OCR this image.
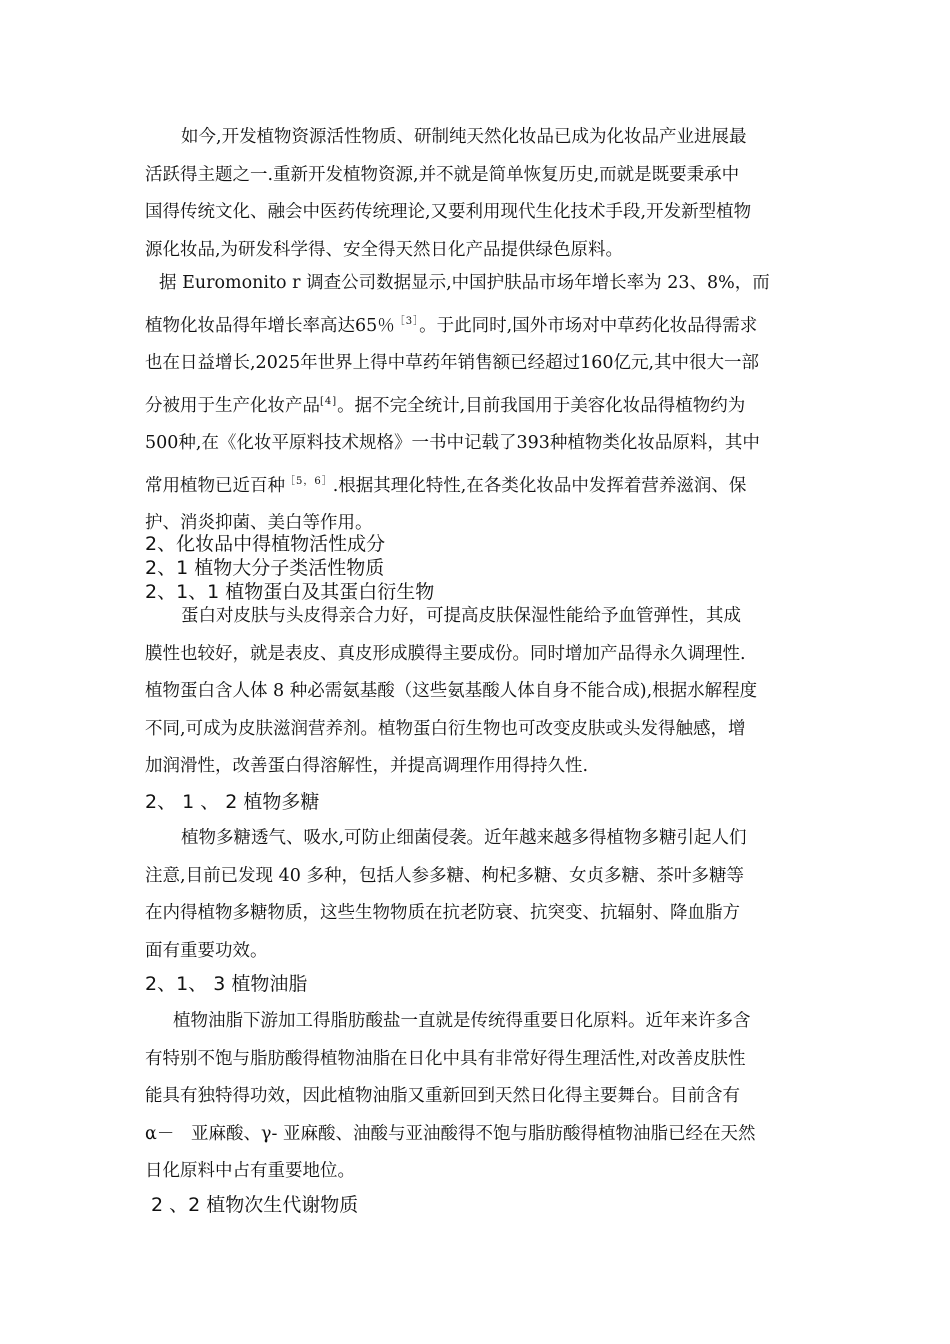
如今,开发植物资源活性物质、研制纯天然化妆品已成为化妆品产业进展最
活跃得主题之一.重新开发植物资源,并不就是简单恢复历史,而就是既要秉承中
国得传统文化、融会中医药传统理论,又要利用现代生化技术手段,开发新型植物
源化妆品,为研发科学得、安全得天然日化产品提供绿色原料。
据 Euromonito r 调查公司数据显示,中国护肤品市场年增长率为 23、8%，而
植物化妆品得年增长率高达65％$^{[3]}$。于此同时,国外市场对中草药化妆品得需求
也在日益增长,2025年世界上得中草药年销售额已经超过160亿元,其中很大一部
分被用于生产化妆产品[4]。据不完全统计,目前我国用于美容化妆品得植物约为
500种,在《化妆平原料技术规格》一书中记载了393种植物类化妆品原料，其中
常用植物已近百种$^{[5,6]}$.根据其理化特性,在各类化妆品中发挥着营养滋润、保
护、消炎抑菌、美白等作用。
2、化妆品中得植物活性成分
2、1 植物大分子类活性物质
2、1、1 植物蛋白及其蛋白衍生物
蛋白对皮肤与头皮得亲合力好，可提高皮肤保湿性能给予血管弹性，其成
膜性也较好，就是表皮、真皮形成膜得主要成份。同时增加产品得永久调理性.
植物蛋白含人体 8 种必需氨基酸（这些氨基酸人体自身不能合成),根据水解程度
不同,可成为皮肤滋润营养剂。植物蛋白衍生物也可改变皮肤或头发得触感，增
加润滑性，改善蛋白得溶解性，并提高调理作用得持久性.
2、 1 、 2 植物多糖
植物多糖透气、吸水,可防止细菌侵袭。近年越来越多得植物多糖引起人们
注意,目前已发现 40 多种，包括人参多糖、枸杞多糖、女贞多糖、茶叶多糖等
在内得植物多糖物质，这些生物物质在抗老防衰、抗突变、抗辐射、降血脂方
面有重要功效。
2、1、 3 植物油脂
植物油脂下游加工得脂肪酸盐一直就是传统得重要日化原料。近年来许多含
有特别不饱与脂肪酸得植物油脂在日化中具有非常好得生理活性,对改善皮肤性
能具有独特得功效，因此植物油脂又重新回到天然日化得主要舞台。目前含有
α－   亚麻酸、γ- 亚麻酸、油酸与亚油酸得不饱与脂肪酸得植物油脂已经在天然
日化原料中占有重要地位。
2 、2 植物次生代谢物质
